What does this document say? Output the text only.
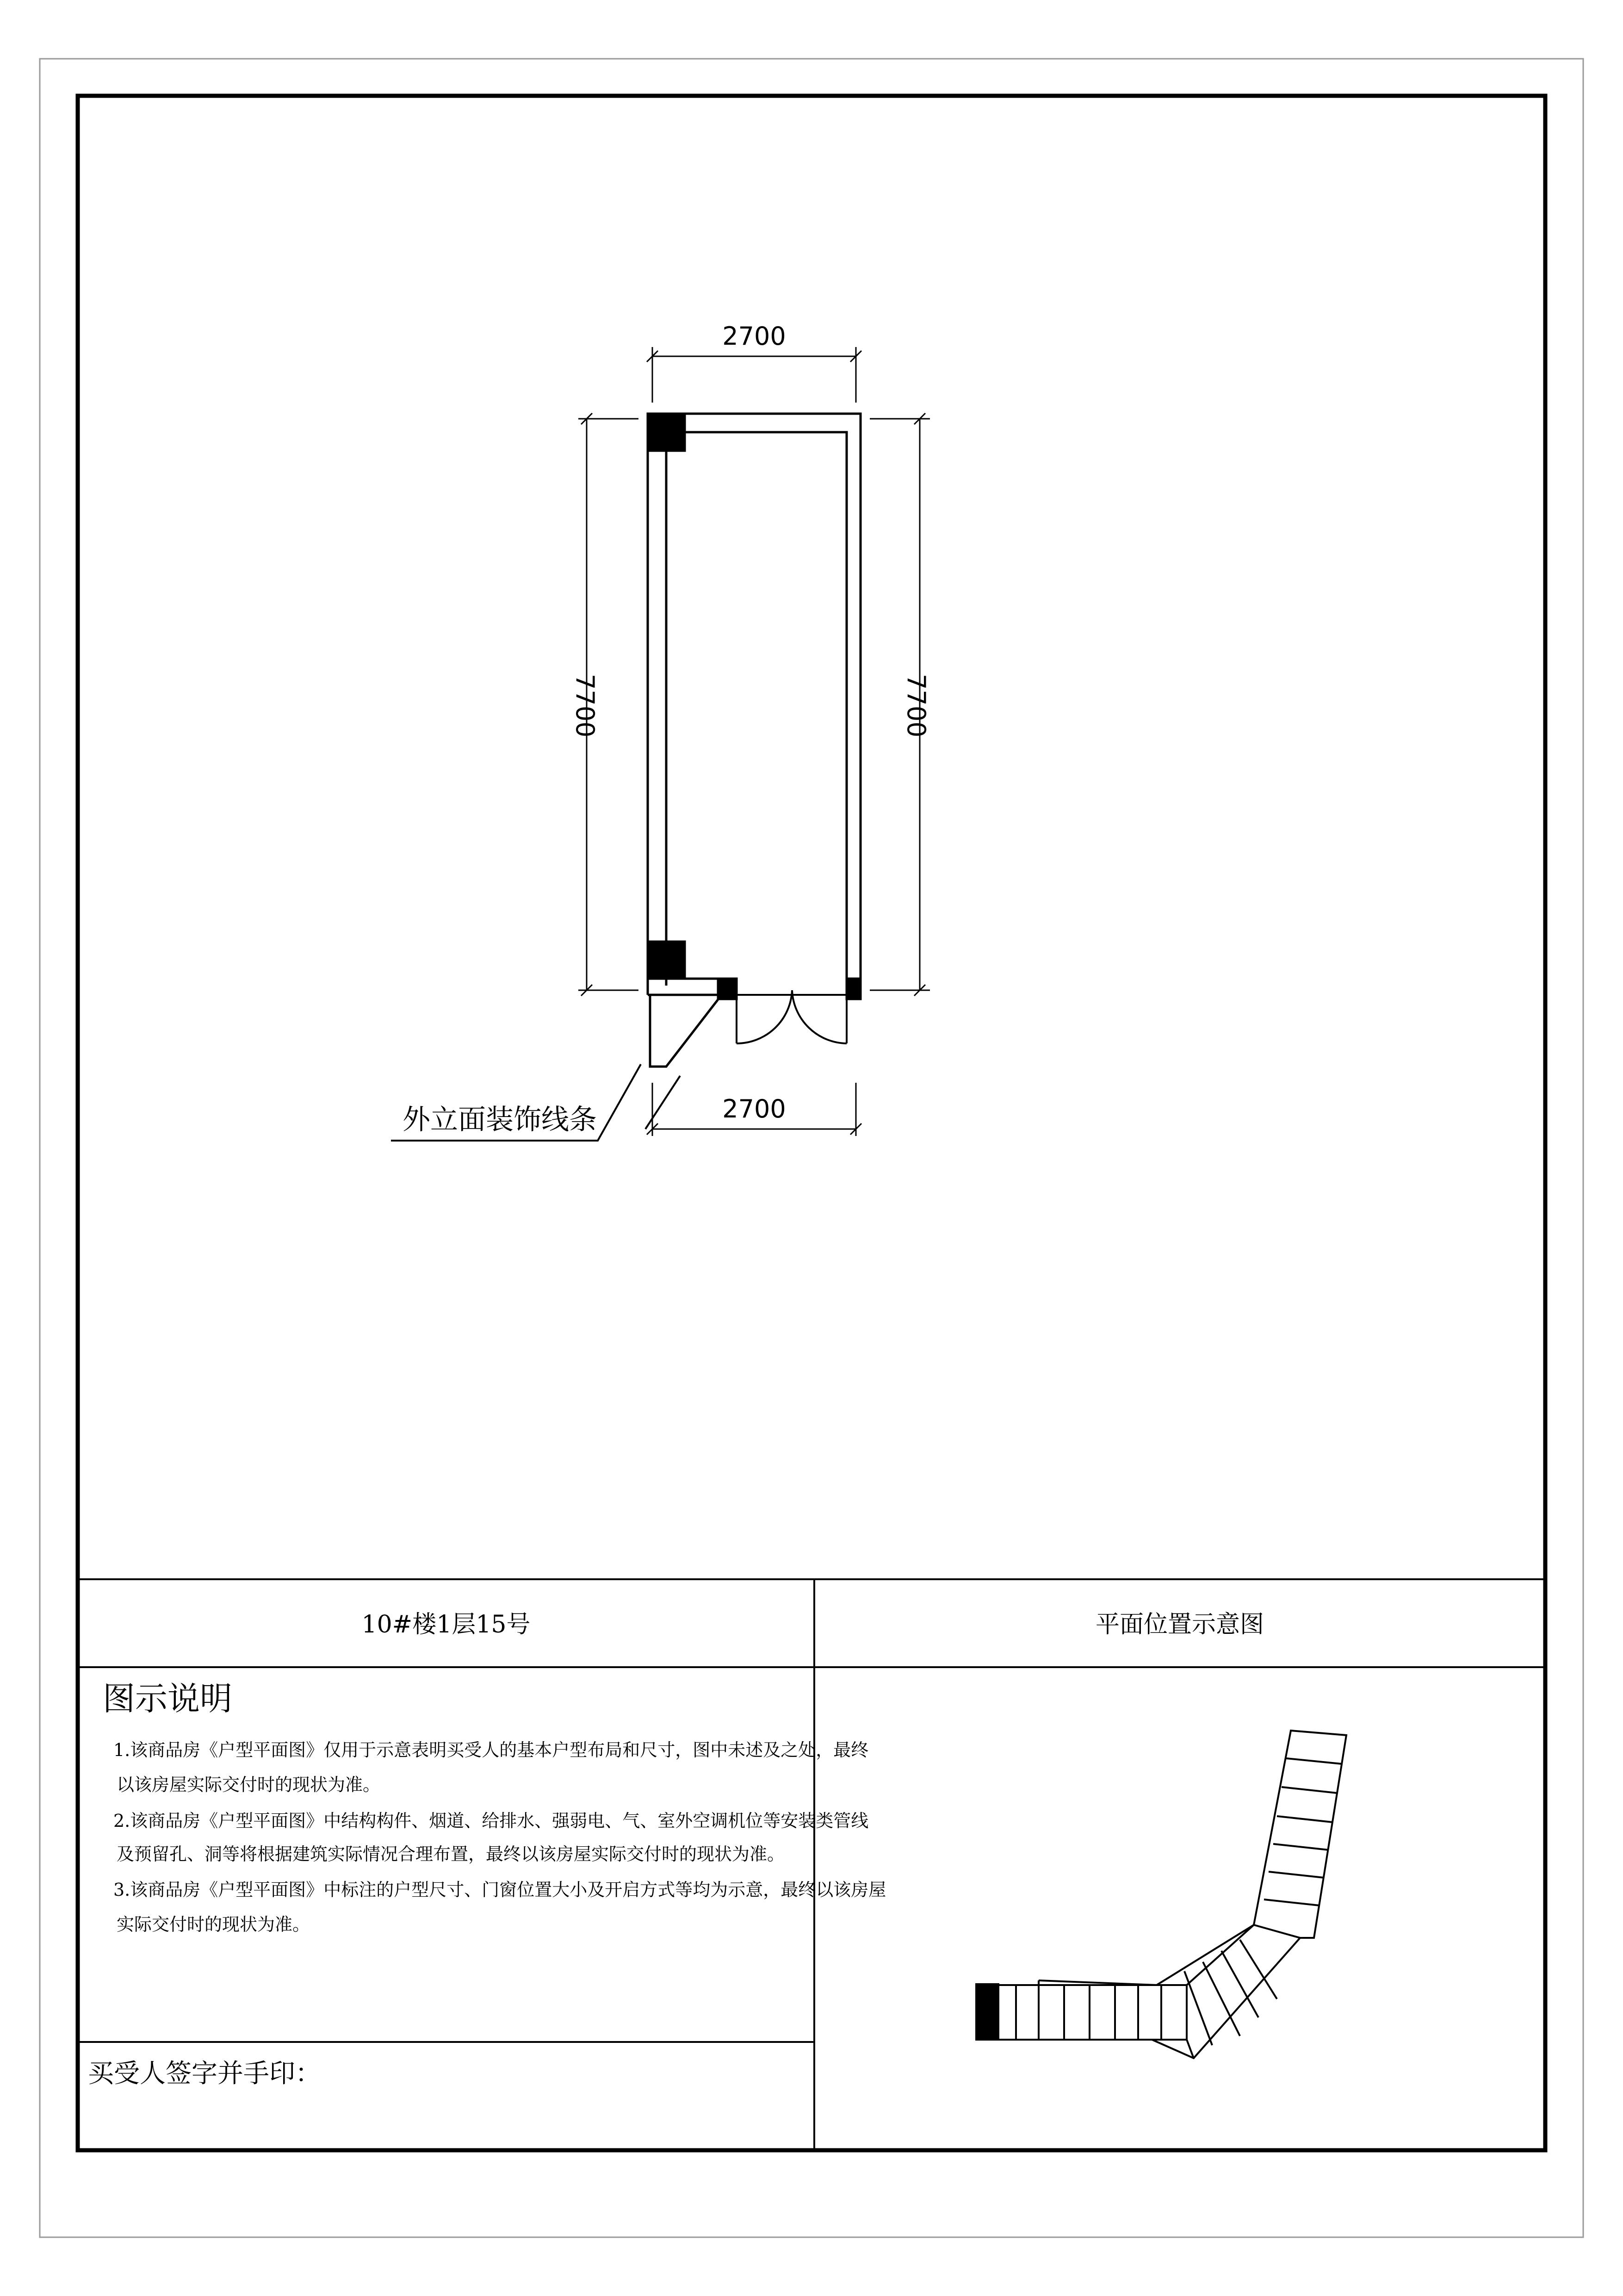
2700
2700
7700	7700
外立面装饰线条
10#楼1层15号	平面位置示意图
图示说明
1.该商品房《户型平面图》仅用于示意表明买受人的基本户型布局和尺寸，图中未述及之处，最终
以该房屋实际交付时的现状为准。
2.该商品房《户型平面图》中结构构件、烟道、给排水、强弱电、气、室外空调机位等安装类管线
及预留孔、洞等将根据建筑实际情况合理布置，最终以该房屋实际交付时的现状为准。
3.该商品房《户型平面图》中标注的户型尺寸、门窗位置大小及开启方式等均为示意，最终以该房屋
实际交付时的现状为准。
买受人签字并手印：
